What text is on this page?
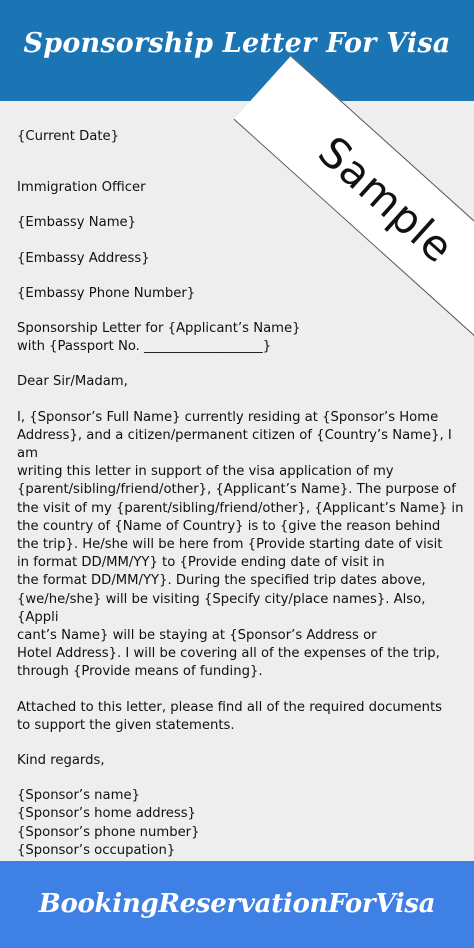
Sponsorship Letter For Visa
Sample

{Current Date}

Immigration Officer

{Embassy Name}

{Embassy Address}

{Embassy Phone Number}

Sponsorship Letter for {Applicant’s Name}
with {Passport No. __________________}

Dear Sir/Madam,

I, {Sponsor’s Full Name} currently residing at {Sponsor’s Home
Address}, and a citizen/permanent citizen of {Country’s Name}, I am
writing this letter in support of the visa application of my
{parent/sibling/friend/other}, {Applicant’s Name}. The purpose of
the visit of my {parent/sibling/friend/other}, {Applicant’s Name} in
the country of {Name of Country} is to {give the reason behind
the trip}. He/she will be here from {Provide starting date of visit
in format DD/MM/YY} to {Provide ending date of visit in
the format DD/MM/YY}. During the specified trip dates above,
{we/he/she} will be visiting {Specify city/place names}. Also, {Appli
cant’s Name} will be staying at {Sponsor’s Address or
Hotel Address}. I will be covering all of the expenses of the trip,
through {Provide means of funding}.

Attached to this letter, please find all of the required documents
to support the given statements.

Kind regards,

{Sponsor’s name}

{Sponsor’s home address}

{Sponsor’s phone number}

{Sponsor’s occupation}

BookingReservationForVisa
